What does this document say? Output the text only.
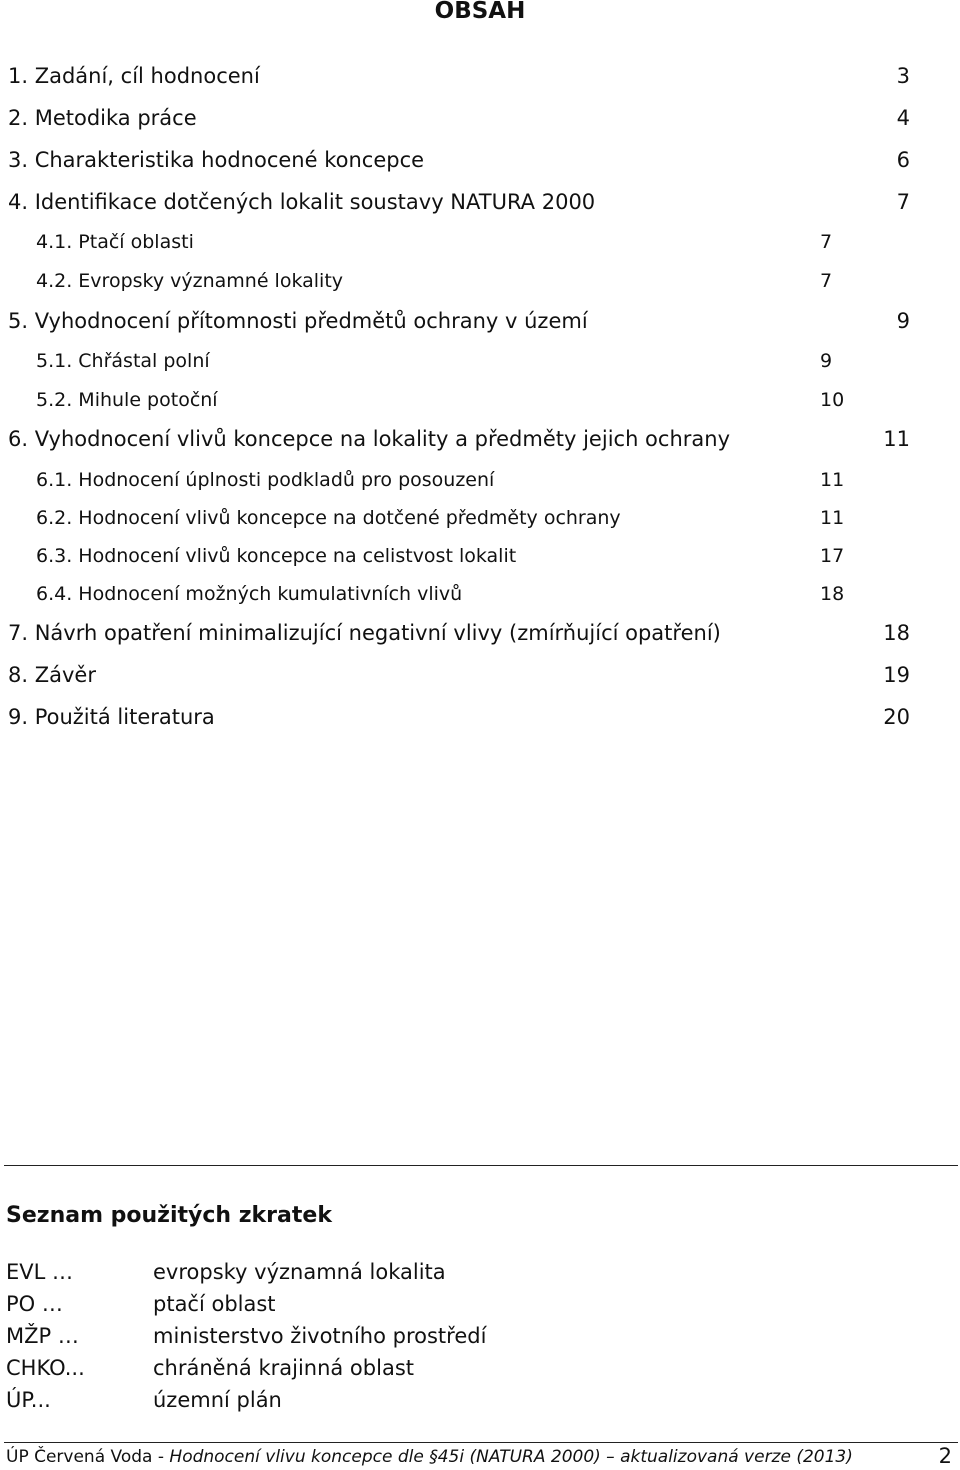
OBSAH
1. Zadání, cíl hodnocení	3
2. Metodika práce	4
3. Charakteristika hodnocené koncepce	6
4. Identifikace dotčených lokalit soustavy NATURA 2000	7
4.1. Ptačí oblasti	7
4.2. Evropsky významné lokality	7
5. Vyhodnocení přítomnosti předmětů ochrany v území	9
5.1. Chřástal polní	9
5.2. Mihule potoční	10
6. Vyhodnocení vlivů koncepce na lokality a předměty jejich ochrany	11
6.1. Hodnocení úplnosti podkladů pro posouzení	11
6.2. Hodnocení vlivů koncepce na dotčené předměty ochrany	11
6.3. Hodnocení vlivů koncepce na celistvost lokalit	17
6.4. Hodnocení možných kumulativních vlivů	18
7. Návrh opatření minimalizující negativní vlivy (zmírňující opatření)	18
8. Závěr	19
9. Použitá literatura	20
Seznam použitých zkratek
EVL …	evropsky významná lokalita
PO …	ptačí oblast
MŽP …	ministerstvo životního prostředí
CHKO...	chráněná krajinná oblast
ÚP...	územní plán
ÚP Červená Voda - Hodnocení vlivu koncepce dle §45i (NATURA 2000) – aktualizovaná verze (2013)	2
